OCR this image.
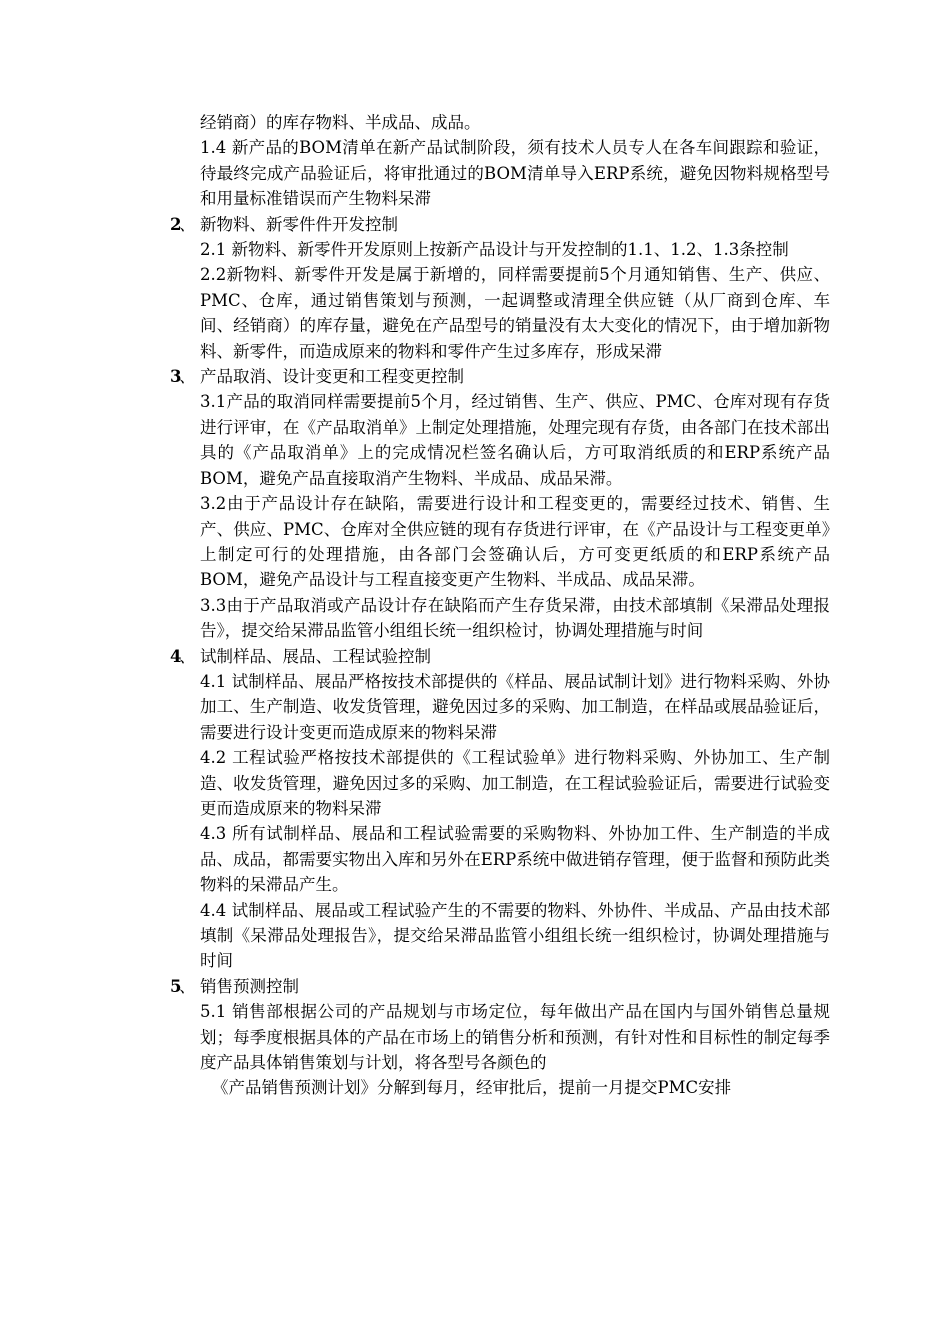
经销商）的库存物料、半成品、成品。

1.4 新产品的BOM清单在新产品试制阶段，须有技术人员专人在各车间跟踪和验证，待最终完成产品验证后，将审批通过的BOM清单导入ERP系统，避免因物料规格型号和用量标准错误而产生物料呆滞

2
、 新物料、新零件件开发控制

2.1 新物料、新零件开发原则上按新产品设计与开发控制的1.1、1.2、1.3条控制

2.2新物料、新零件开发是属于新增的，同样需要提前5个月通知销售、生产、供应、PMC、仓库，通过销售策划与预测，一起调整或清理全供应链（从厂商到仓库、车间、经销商）的库存量，避免在产品型号的销量没有太大变化的情况下，由于增加新物料、新零件，而造成原来的物料和零件产生过多库存，形成呆滞

3
、 产品取消、设计变更和工程变更控制

3.1产品的取消同样需要提前5个月，经过销售、生产、供应、PMC、仓库对现有存货进行评审，在《产品取消单》上制定处理措施，处理完现有存货，由各部门在技术部出具的《产品取消单》上的完成情况栏签名确认后，方可取消纸质的和ERP系统产品BOM，避免产品直接取消产生物料、半成品、成品呆滞。

3.2由于产品设计存在缺陷，需要进行设计和工程变更的，需要经过技术、销售、生产、供应、PMC、仓库对全供应链的现有存货进行评审，在《产品设计与工程变更单》上制定可行的处理措施，由各部门会签确认后，方可变更纸质的和ERP系统产品BOM，避免产品设计与工程直接变更产生物料、半成品、成品呆滞。

3.3由于产品取消或产品设计存在缺陷而产生存货呆滞，由技术部填制《呆滞品处理报告》，提交给呆滞品监管小组组长统一组织检讨，协调处理措施与时间

4
、 试制样品、展品、工程试验控制

4.1 试制样品、展品严格按技术部提供的《样品、展品试制计划》进行物料采购、外协加工、生产制造、收发货管理，避免因过多的采购、加工制造，在样品或展品验证后，需要进行设计变更而造成原来的物料呆滞

4.2 工程试验严格按技术部提供的《工程试验单》进行物料采购、外协加工、生产制造、收发货管理，避免因过多的采购、加工制造，在工程试验验证后，需要进行试验变更而造成原来的物料呆滞

4.3 所有试制样品、展品和工程试验需要的采购物料、外协加工件、生产制造的半成品、成品，都需要实物出入库和另外在ERP系统中做进销存管理，便于监督和预防此类物料的呆滞品产生。

4.4 试制样品、展品或工程试验产生的不需要的物料、外协件、半成品、产品由技术部填制《呆滞品处理报告》，提交给呆滞品监管小组组长统一组织检讨，协调处理措施与时间

5
、 销售预测控制

5.1 销售部根据公司的产品规划与市场定位，每年做出产品在国内与国外销售总量规划；每季度根据具体的产品在市场上的销售分析和预测，有针对性和目标性的制定每季度产品具体销售策划与计划，将各型号各颜色的

《产品销售预测计划》分解到每月，经审批后，提前一月提交PMC安排
